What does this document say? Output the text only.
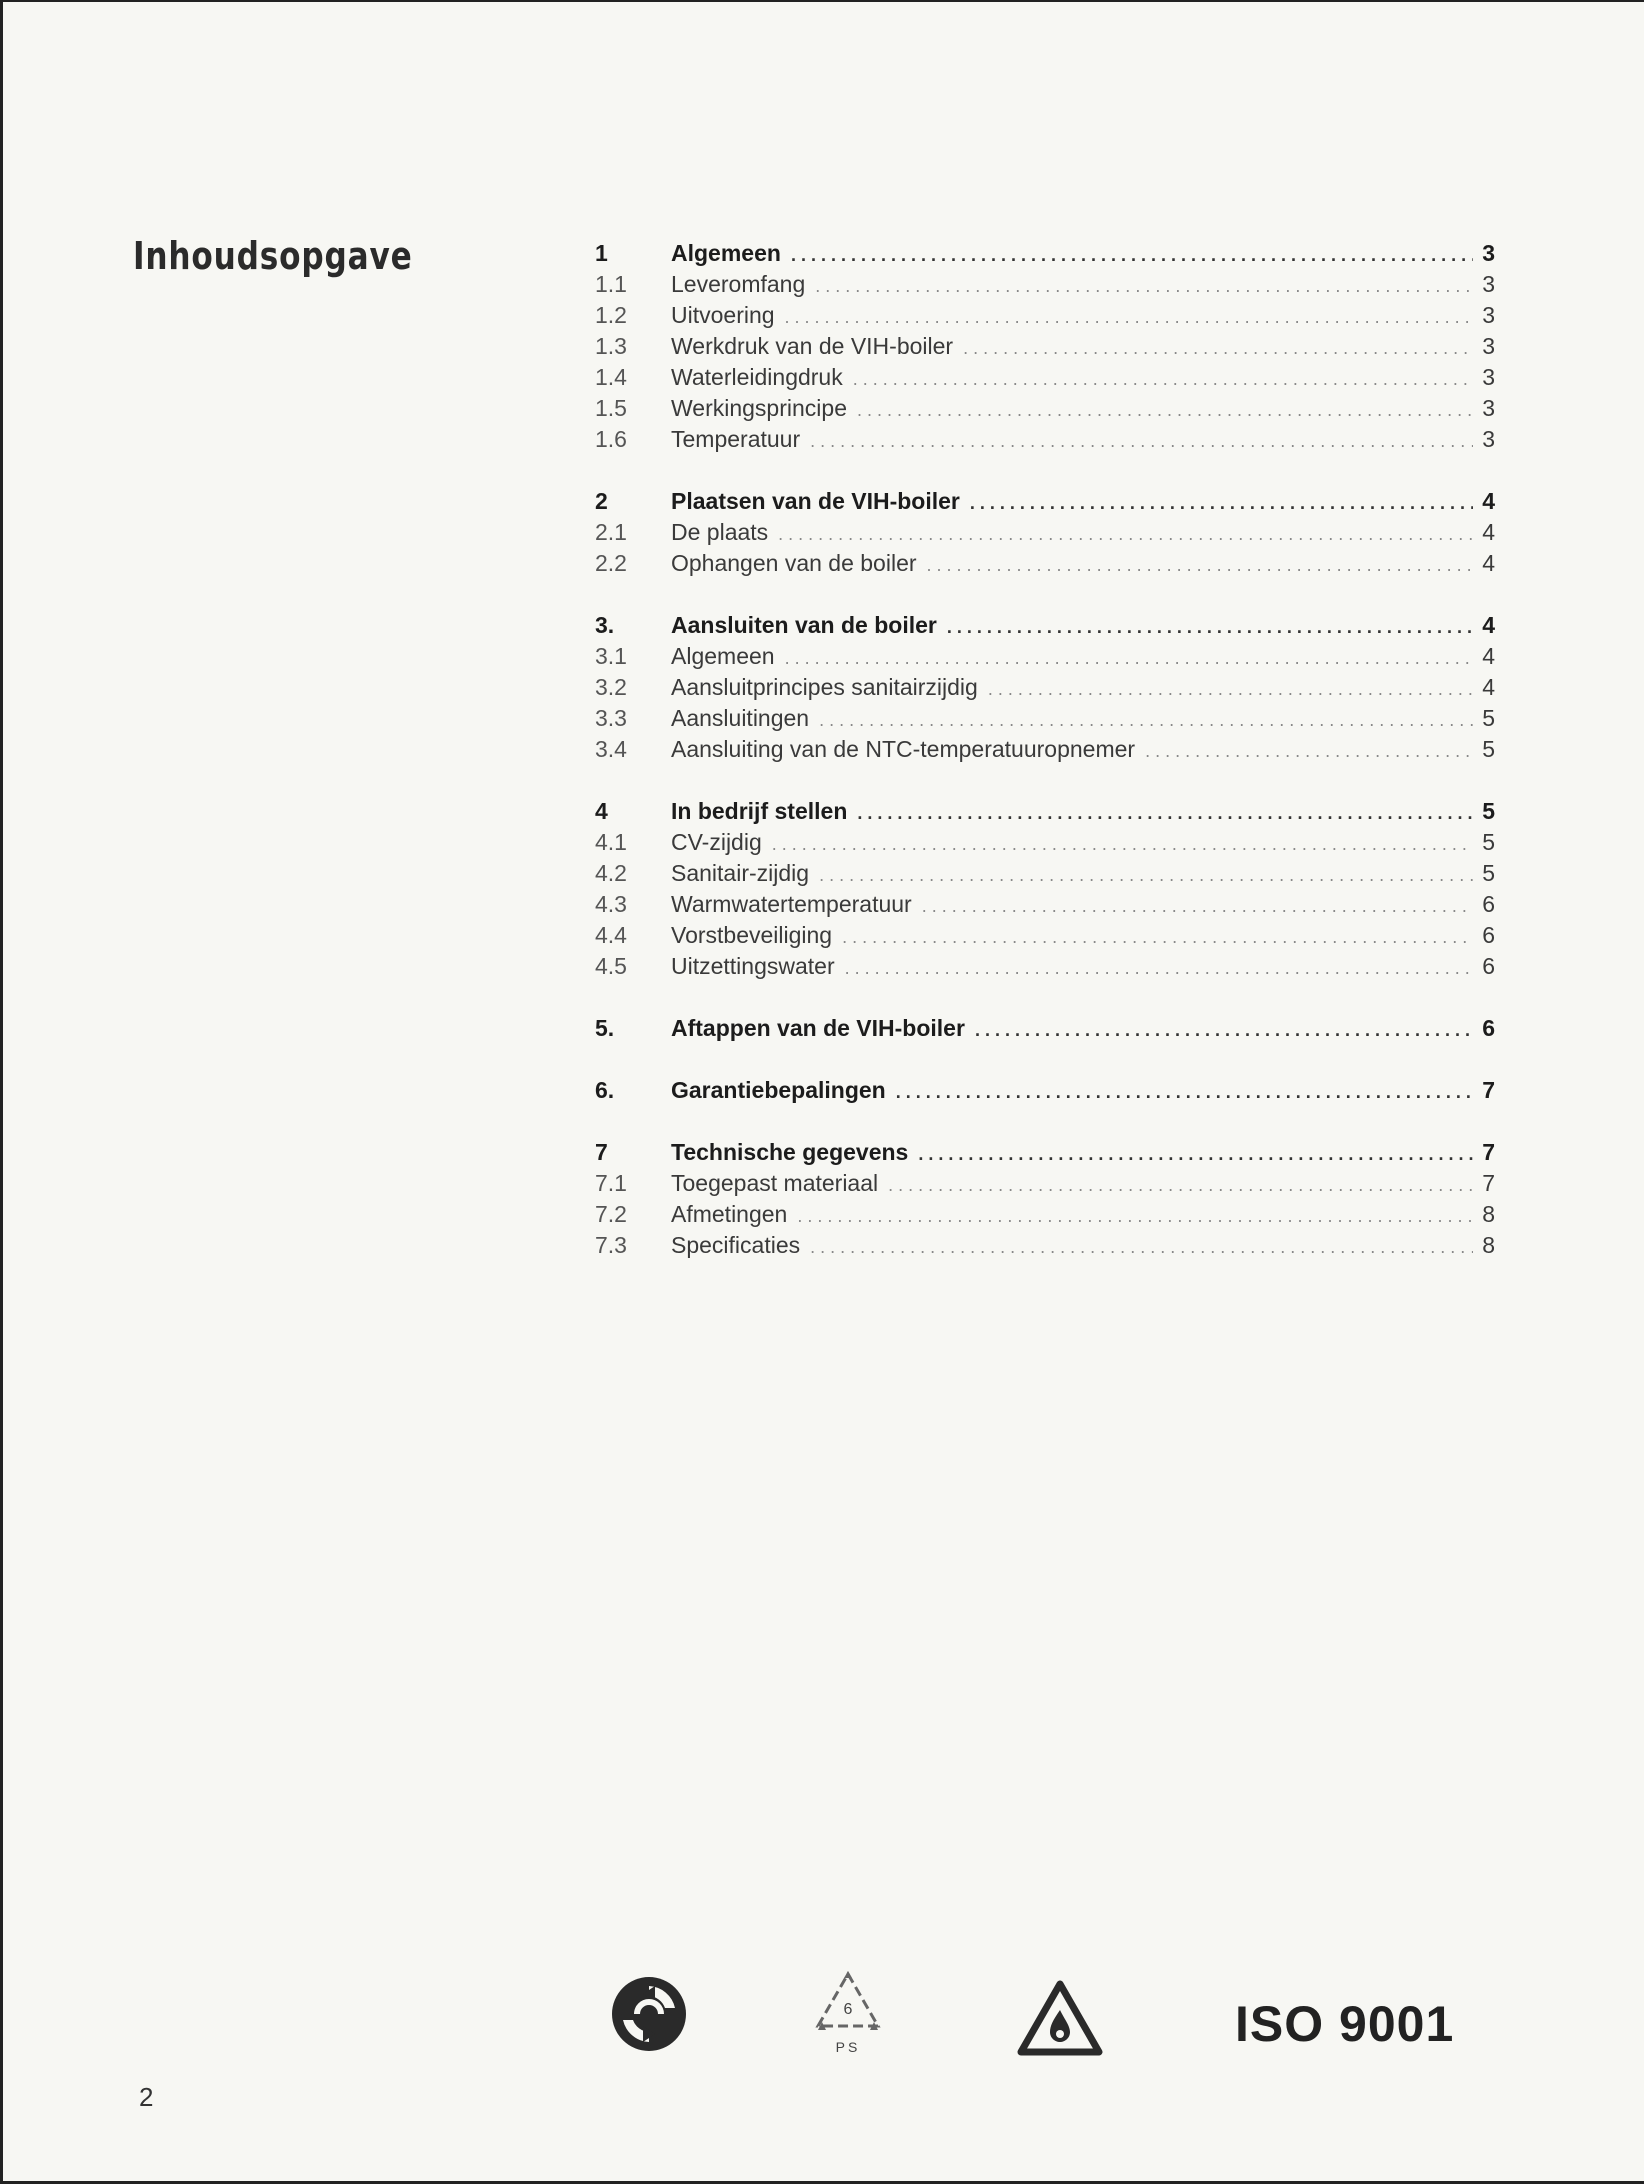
Inhoudsopgave	1	Algemeen . . .	3
1.1	Leveromfang . . .	3
1.2	Uitvoering . . .	3
1.3	Werkdruk van de VIH-boiler . . .	3
1.4	Waterleidingdruk . . .	3
1.5	Werkingsprincipe . . .	3
1.6	Temperatuur . . .	3
2	Plaatsen van de VIH-boiler . . .	4
2.1	De plaats . . .	4
2.2	Ophangen van de boiler . . .	4
3.	Aansluiten van de boiler . . .	4
3.1	Algemeen . . .	4
3.2	Aansluitprincipes sanitairzijdig . . .	4
3.3	Aansluitingen . . .	5
3.4	Aansluiting van de NTC-temperatuuropnemer . . .	5
4	In bedrijf stellen . . .	5
4.1	CV-zijdig . . .	5
4.2	Sanitair-zijdig . . .	5
4.3	Warmwatertemperatuur . . .	6
4.4	Vorstbeveiliging . . .	6
4.5	Uitzettingswater . . .	6
5.	Aftappen van de VIH-boiler . . .	6
6.	Garantiebepalingen . . .	7
7	Technische gegevens . . .	7
7.1	Toegepast materiaal . . .	7
7.2	Afmetingen . . .	8
7.3	Specificaties . . .	8
6
PS	ISO 9001
2
